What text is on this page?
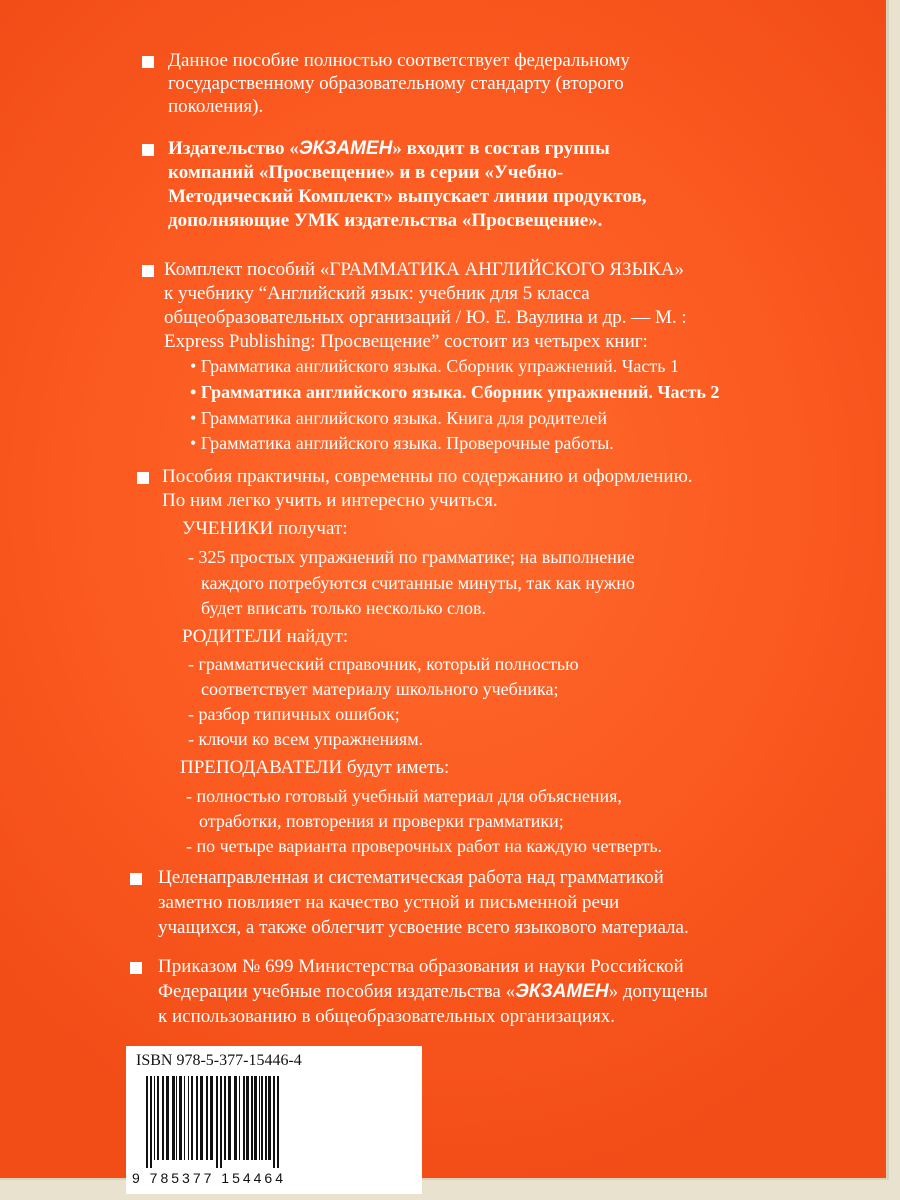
Данное пособие полностью соответствует федеральному
государственному образовательному стандарту (второго
поколения).
Издательство «ЭКЗАМЕН» входит в состав группы
компаний «Просвещение» и в серии «Учебно-
Методический Комплект» выпускает линии продуктов,
дополняющие УМК издательства «Просвещение».
Комплект пособий «ГРАММАТИКА АНГЛИЙСКОГО ЯЗЫКА»
к учебнику “Английский язык: учебник для 5 класса
общеобразовательных организаций / Ю. Е. Ваулина и др. — М. :
Express Publishing: Просвещение” состоит из четырех книг:
• Грамматика английского языка. Сборник упражнений. Часть 1
• Грамматика английского языка. Сборник упражнений. Часть 2
• Грамматика английского языка. Книга для родителей
• Грамматика английского языка. Проверочные работы.
Пособия практичны, современны по содержанию и оформлению.
По ним легко учить и интересно учиться.
УЧЕНИКИ получат:
- 325 простых упражнений по грамматике; на выполнение
каждого потребуются считанные минуты, так как нужно
будет вписать только несколько слов.
РОДИТЕЛИ найдут:
- грамматический справочник, который полностью
соответствует материалу школьного учебника;
- разбор типичных ошибок;
- ключи ко всем упражнениям.
ПРЕПОДАВАТЕЛИ будут иметь:
- полностью готовый учебный материал для объяснения,
отработки, повторения и проверки грамматики;
- по четыре варианта проверочных работ на каждую четверть.
Целенаправленная и систематическая работа над грамматикой
заметно повлияет на качество устной и письменной речи
учащихся, а также облегчит усвоение всего языкового материала.
Приказом № 699 Министерства образования и науки Российской
Федерации учебные пособия издательства «ЭКЗАМЕН» допущены
к использованию в общеобразовательных организациях.
ISBN 978-5-377-15446-4
9 785377 154464
